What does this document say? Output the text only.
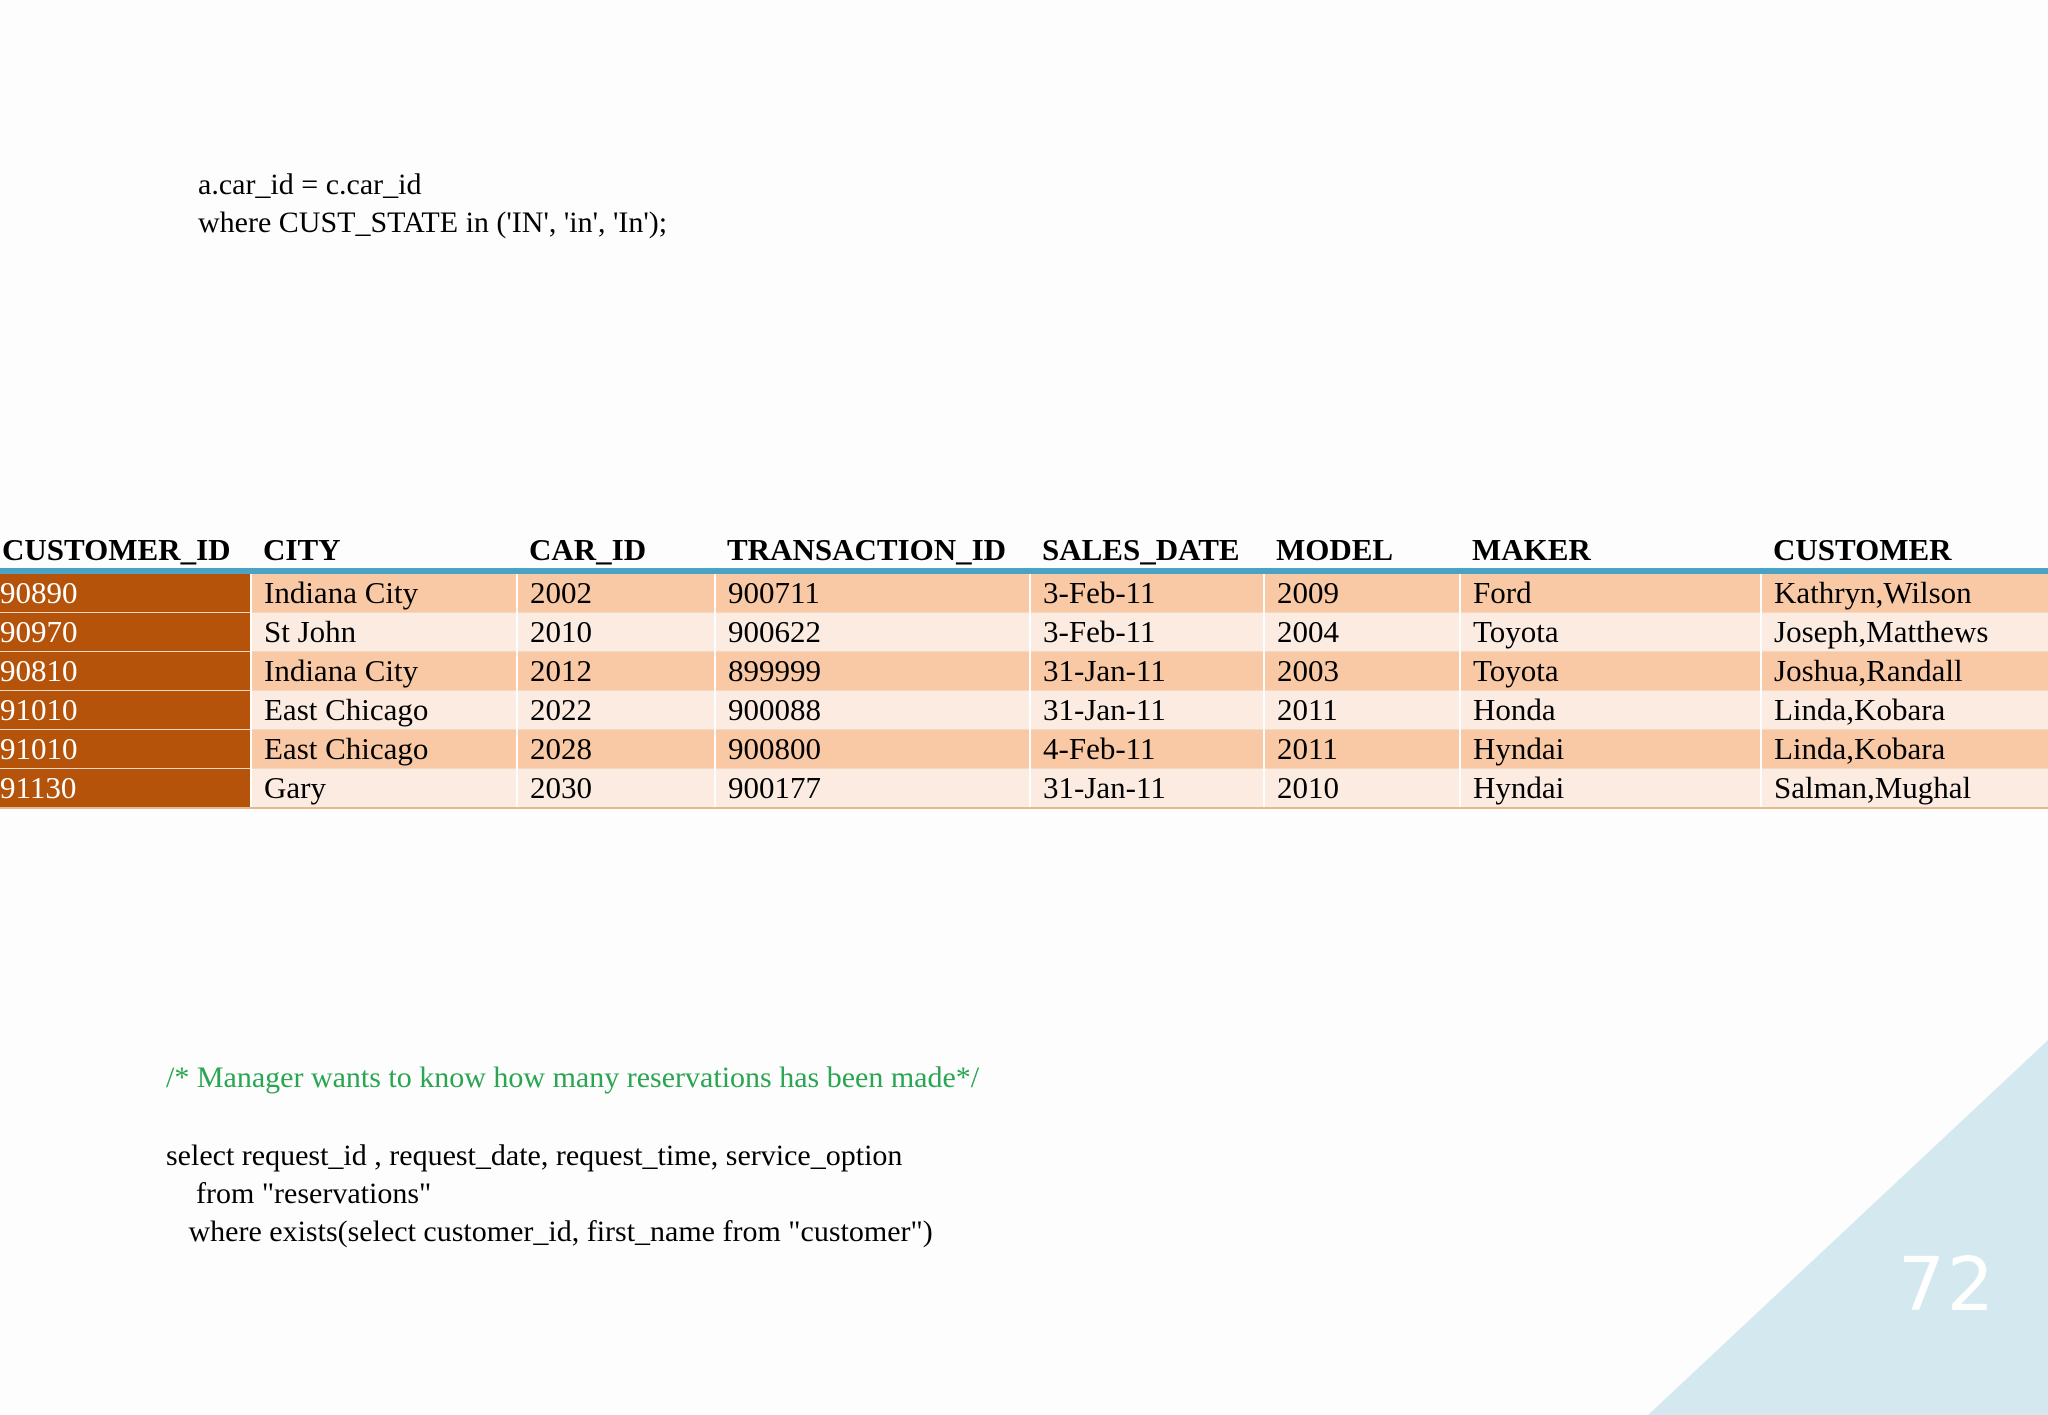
a.car_id = c.car_id
where CUST_STATE in ('IN', 'in', 'In');
CUSTOMER_ID	CITY	CAR_ID	TRANSACTION_ID	SALES_DATE	MODEL	MAKER	CUSTOMER
90890	Indiana City	2002	900711	3-Feb-11	2009	Ford	Kathryn,Wilson
90970	St John	2010	900622	3-Feb-11	2004	Toyota	Joseph,Matthews
90810	Indiana City	2012	899999	31-Jan-11	2003	Toyota	Joshua,Randall
91010	East Chicago	2022	900088	31-Jan-11	2011	Honda	Linda,Kobara
91010	East Chicago	2028	900800	4-Feb-11	2011	Hyndai	Linda,Kobara
91130	Gary	2030	900177	31-Jan-11	2010	Hyndai	Salman,Mughal
/* Manager wants to know how many reservations has been made*/
select request_id , request_date, request_time, service_option
from "reservations"
where exists(select customer_id, first_name from "customer")
72
